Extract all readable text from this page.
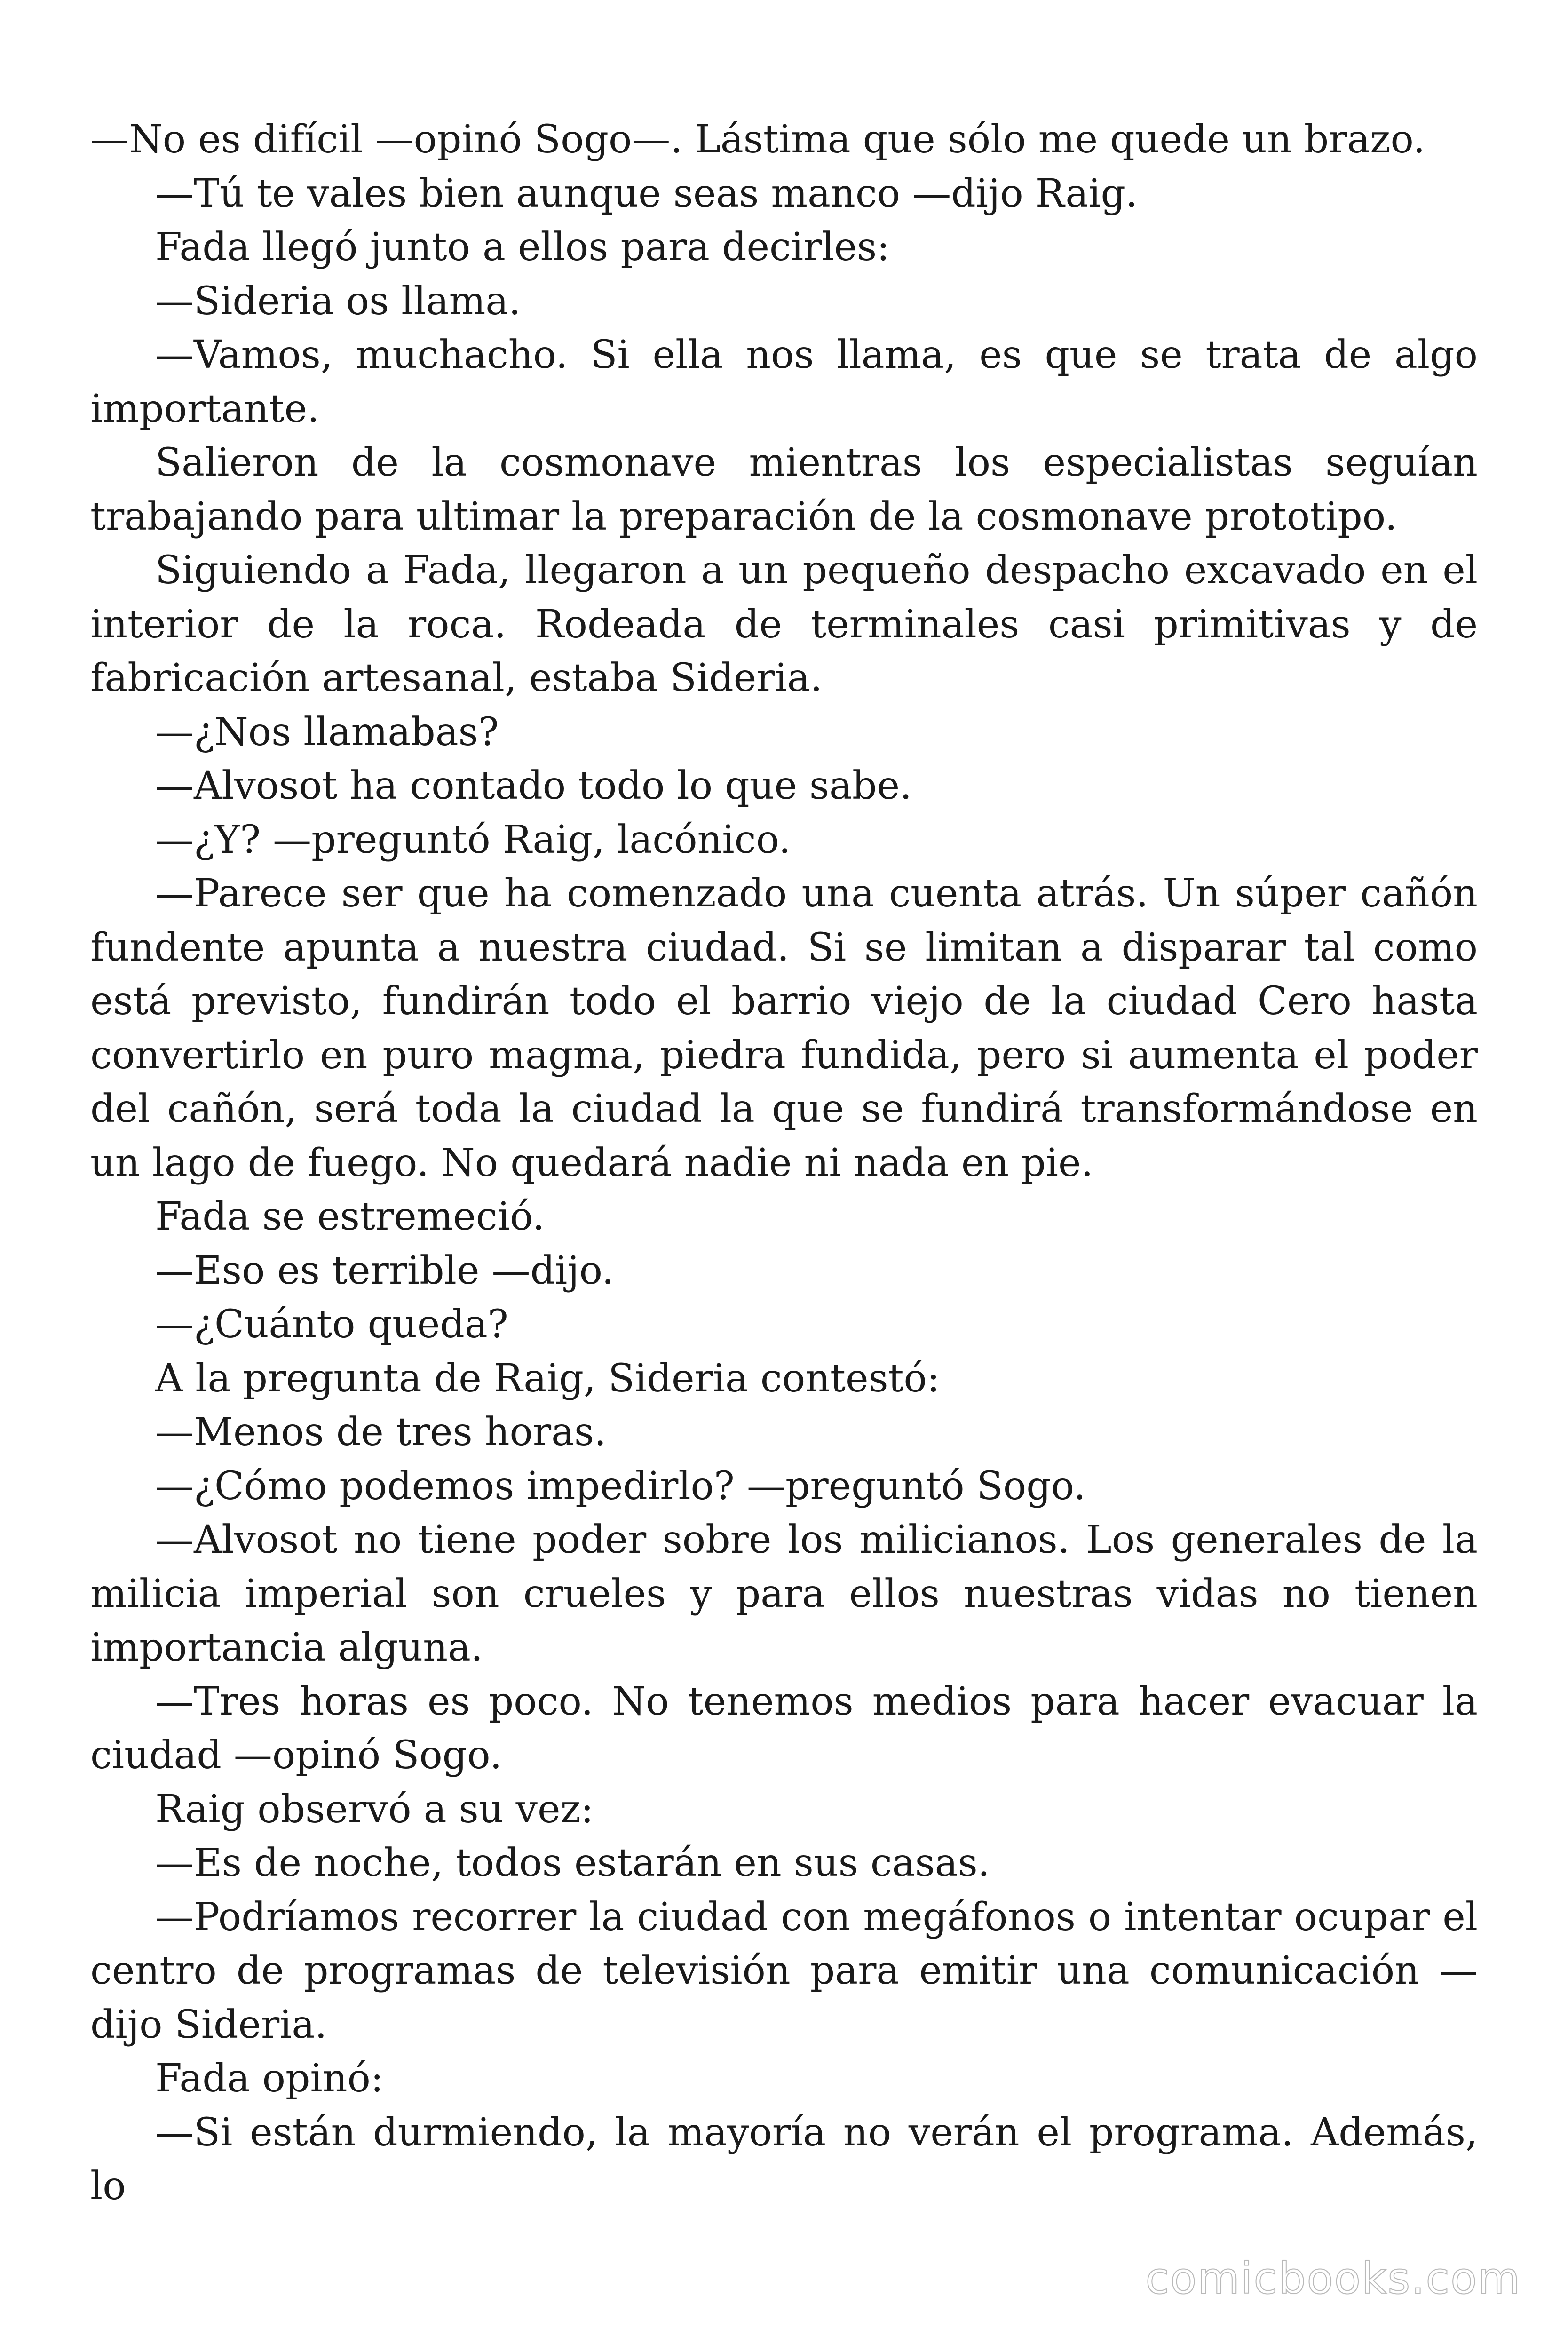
—No es difícil —opinó Sogo—. Lástima que sólo me quede un brazo.

—Tú te vales bien aunque seas manco —dijo Raig.

Fada llegó junto a ellos para decirles:

—Sideria os llama.

—Vamos, muchacho. Si ella nos llama, es que se trata de algo importante.

Salieron de la cosmonave mientras los especialistas seguían trabajando para ultimar la preparación de la cosmonave prototipo.

Siguiendo a Fada, llegaron a un pequeño despacho excavado en el interior de la roca. Rodeada de terminales casi primitivas y de fabricación artesanal, estaba Sideria.

—¿Nos llamabas?

—Alvosot ha contado todo lo que sabe.

—¿Y? —preguntó Raig, lacónico.

—Parece ser que ha comenzado una cuenta atrás. Un súper cañón fundente apunta a nuestra ciudad. Si se limitan a disparar tal como está previsto, fundirán todo el barrio viejo de la ciudad Cero hasta convertirlo en puro magma, piedra fundida, pero si aumenta el poder del cañón, será toda la ciudad la que se fundirá transformándose en un lago de fuego. No quedará nadie ni nada en pie.

Fada se estremeció.

—Eso es terrible —dijo.

—¿Cuánto queda?

A la pregunta de Raig, Sideria contestó:

—Menos de tres horas.

—¿Cómo podemos impedirlo? —preguntó Sogo.

—Alvosot no tiene poder sobre los milicianos. Los generales de la milicia imperial son crueles y para ellos nuestras vidas no tienen importancia alguna.

—Tres horas es poco. No tenemos medios para hacer evacuar la ciudad —opinó Sogo.

Raig observó a su vez:

—Es de noche, todos estarán en sus casas.

—Podríamos recorrer la ciudad con megáfonos o intentar ocupar el centro de programas de televisión para emitir una comunicación —dijo Sideria.

Fada opinó:

—Si están durmiendo, la mayoría no verán el programa. Además, lo

comicbooks.com
